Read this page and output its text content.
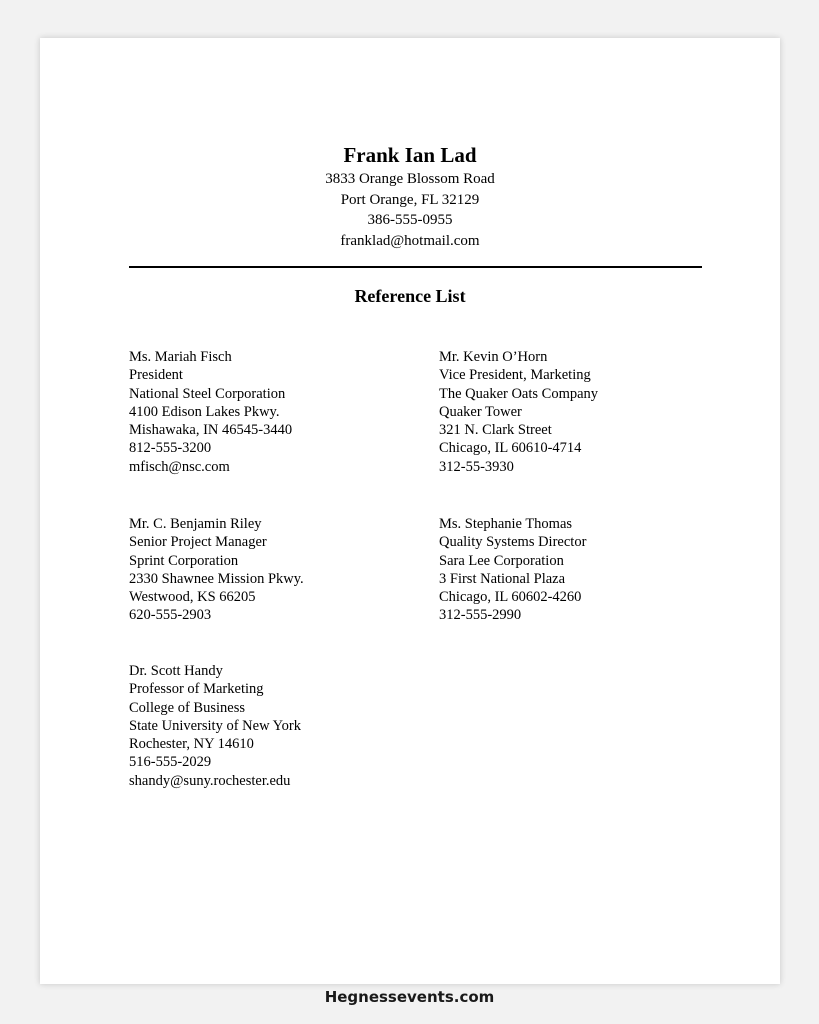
Frank Ian Lad
3833 Orange Blossom Road
Port Orange, FL 32129
386-555-0955
franklad@hotmail.com
Reference List
Ms. Mariah Fisch
President
National Steel Corporation
4100 Edison Lakes Pkwy.
Mishawaka, IN 46545-3440
812-555-3200
mfisch@nsc.com
Mr. Kevin O’Horn
Vice President, Marketing
The Quaker Oats Company
Quaker Tower
321 N. Clark Street
Chicago, IL 60610-4714
312-55-3930
Mr. C. Benjamin Riley
Senior Project Manager
Sprint Corporation
2330 Shawnee Mission Pkwy.
Westwood, KS 66205
620-555-2903
Ms. Stephanie Thomas
Quality Systems Director
Sara Lee Corporation
3 First National Plaza
Chicago, IL 60602-4260
312-555-2990
Dr. Scott Handy
Professor of Marketing
College of Business
State University of New York
Rochester, NY 14610
516-555-2029
shandy@suny.rochester.edu
Hegnessevents.com
